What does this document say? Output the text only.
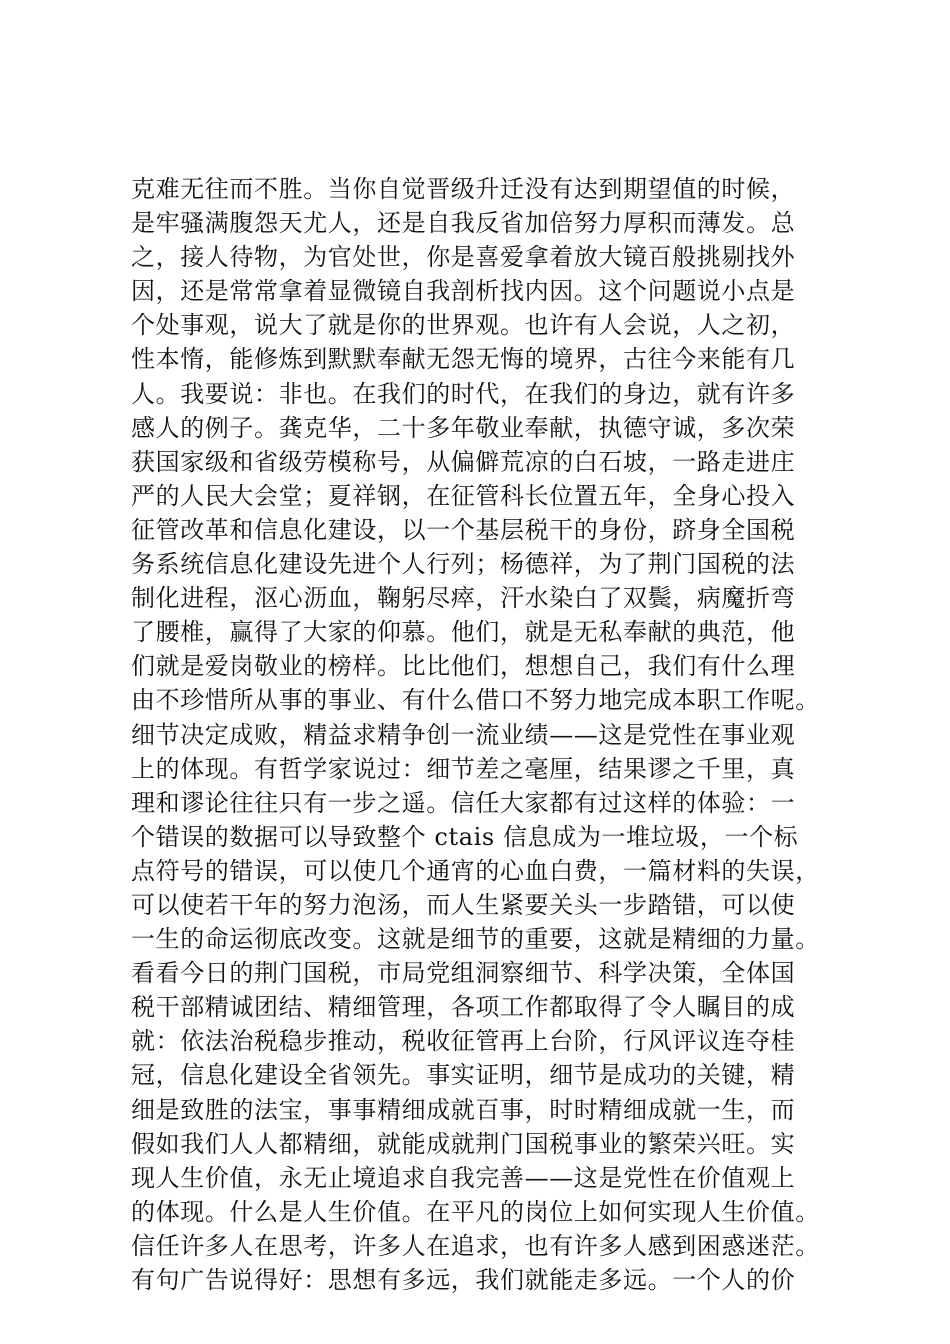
克难无往而不胜。当你自觉晋级升迁没有达到期望值的时候，
是牢骚满腹怨天尤人，还是自我反省加倍努力厚积而薄发。总
之，接人待物，为官处世，你是喜爱拿着放大镜百般挑剔找外
因，还是常常拿着显微镜自我剖析找内因。这个问题说小点是
个处事观，说大了就是你的世界观。也许有人会说，人之初，
性本惰，能修炼到默默奉献无怨无悔的境界，古往今来能有几
人。我要说：非也。在我们的时代，在我们的身边，就有许多
感人的例子。龚克华，二十多年敬业奉献，执德守诚，多次荣
获国家级和省级劳模称号，从偏僻荒凉的白石坡，一路走进庄
严的人民大会堂；夏祥钢，在征管科长位置五年，全身心投入
征管改革和信息化建设，以一个基层税干的身份，跻身全国税
务系统信息化建设先进个人行列；杨德祥，为了荆门国税的法
制化进程，沤心沥血，鞠躬尽瘁，汗水染白了双鬓，病魔折弯
了腰椎，赢得了大家的仰慕。他们，就是无私奉献的典范，他
们就是爱岗敬业的榜样。比比他们，想想自己，我们有什么理
由不珍惜所从事的事业、有什么借口不努力地完成本职工作呢。
细节决定成败，精益求精争创一流业绩——这是党性在事业观
上的体现。有哲学家说过：细节差之毫厘，结果谬之千里，真
理和谬论往往只有一步之遥。信任大家都有过这样的体验：一
个错误的数据可以导致整个 ctais 信息成为一堆垃圾，一个标
点符号的错误，可以使几个通宵的心血白费，一篇材料的失误，
可以使若干年的努力泡汤，而人生紧要关头一步踏错，可以使
一生的命运彻底改变。这就是细节的重要，这就是精细的力量。
看看今日的荆门国税，市局党组洞察细节、科学决策，全体国
税干部精诚团结、精细管理，各项工作都取得了令人瞩目的成
就：依法治税稳步推动，税收征管再上台阶，行风评议连夺桂
冠，信息化建设全省领先。事实证明，细节是成功的关键，精
细是致胜的法宝，事事精细成就百事，时时精细成就一生，而
假如我们人人都精细，就能成就荆门国税事业的繁荣兴旺。实
现人生价值，永无止境追求自我完善——这是党性在价值观上
的体现。什么是人生价值。在平凡的岗位上如何实现人生价值。
信任许多人在思考，许多人在追求，也有许多人感到困惑迷茫。
有句广告说得好：思想有多远，我们就能走多远。一个人的价
